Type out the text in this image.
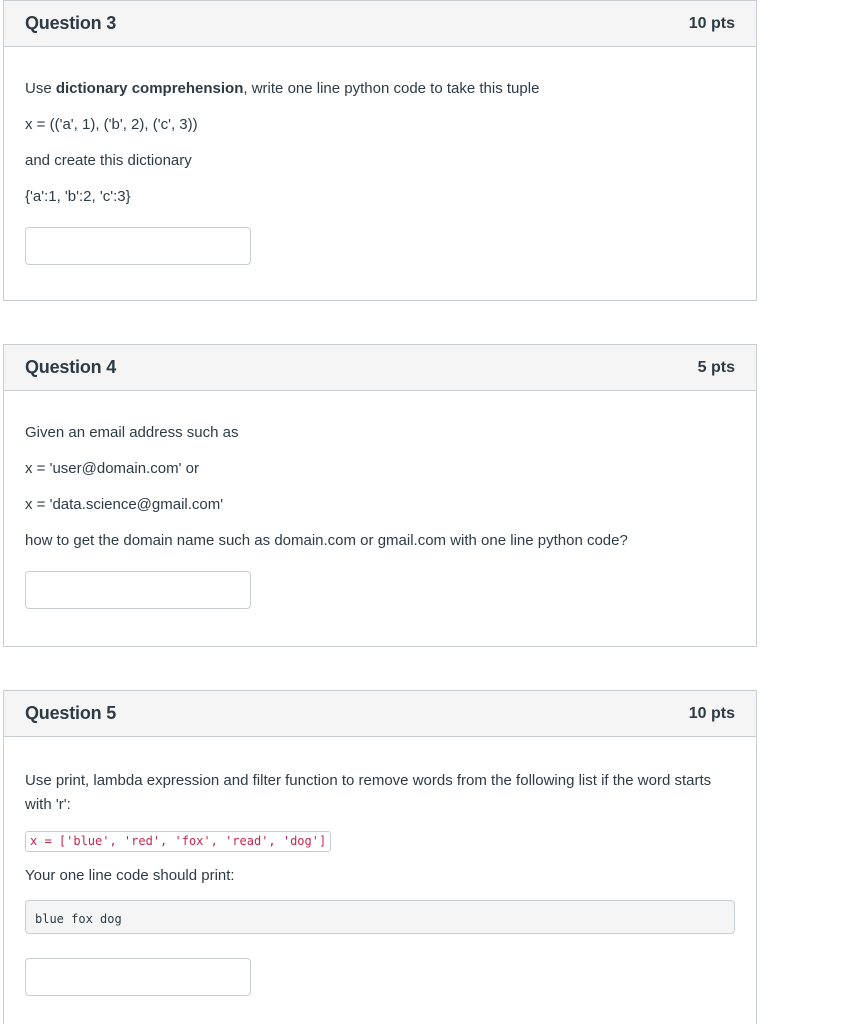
Question 3	10 pts

Use dictionary comprehension, write one line python code to take this tuple

x = (('a', 1), ('b', 2), ('c', 3))

and create this dictionary

{'a':1, 'b':2, 'c':3}

Question 4	5 pts

Given an email address such as

x = 'user@domain.com' or

x = 'data.science@gmail.com'

how to get the domain name such as domain.com or gmail.com with one line python code?

Question 5	10 pts

Use print, lambda expression and filter function to remove words from the following list if the word starts with 'r':

x = ['blue', 'red', 'fox', 'read', 'dog']

Your one line code should print:

blue fox dog
